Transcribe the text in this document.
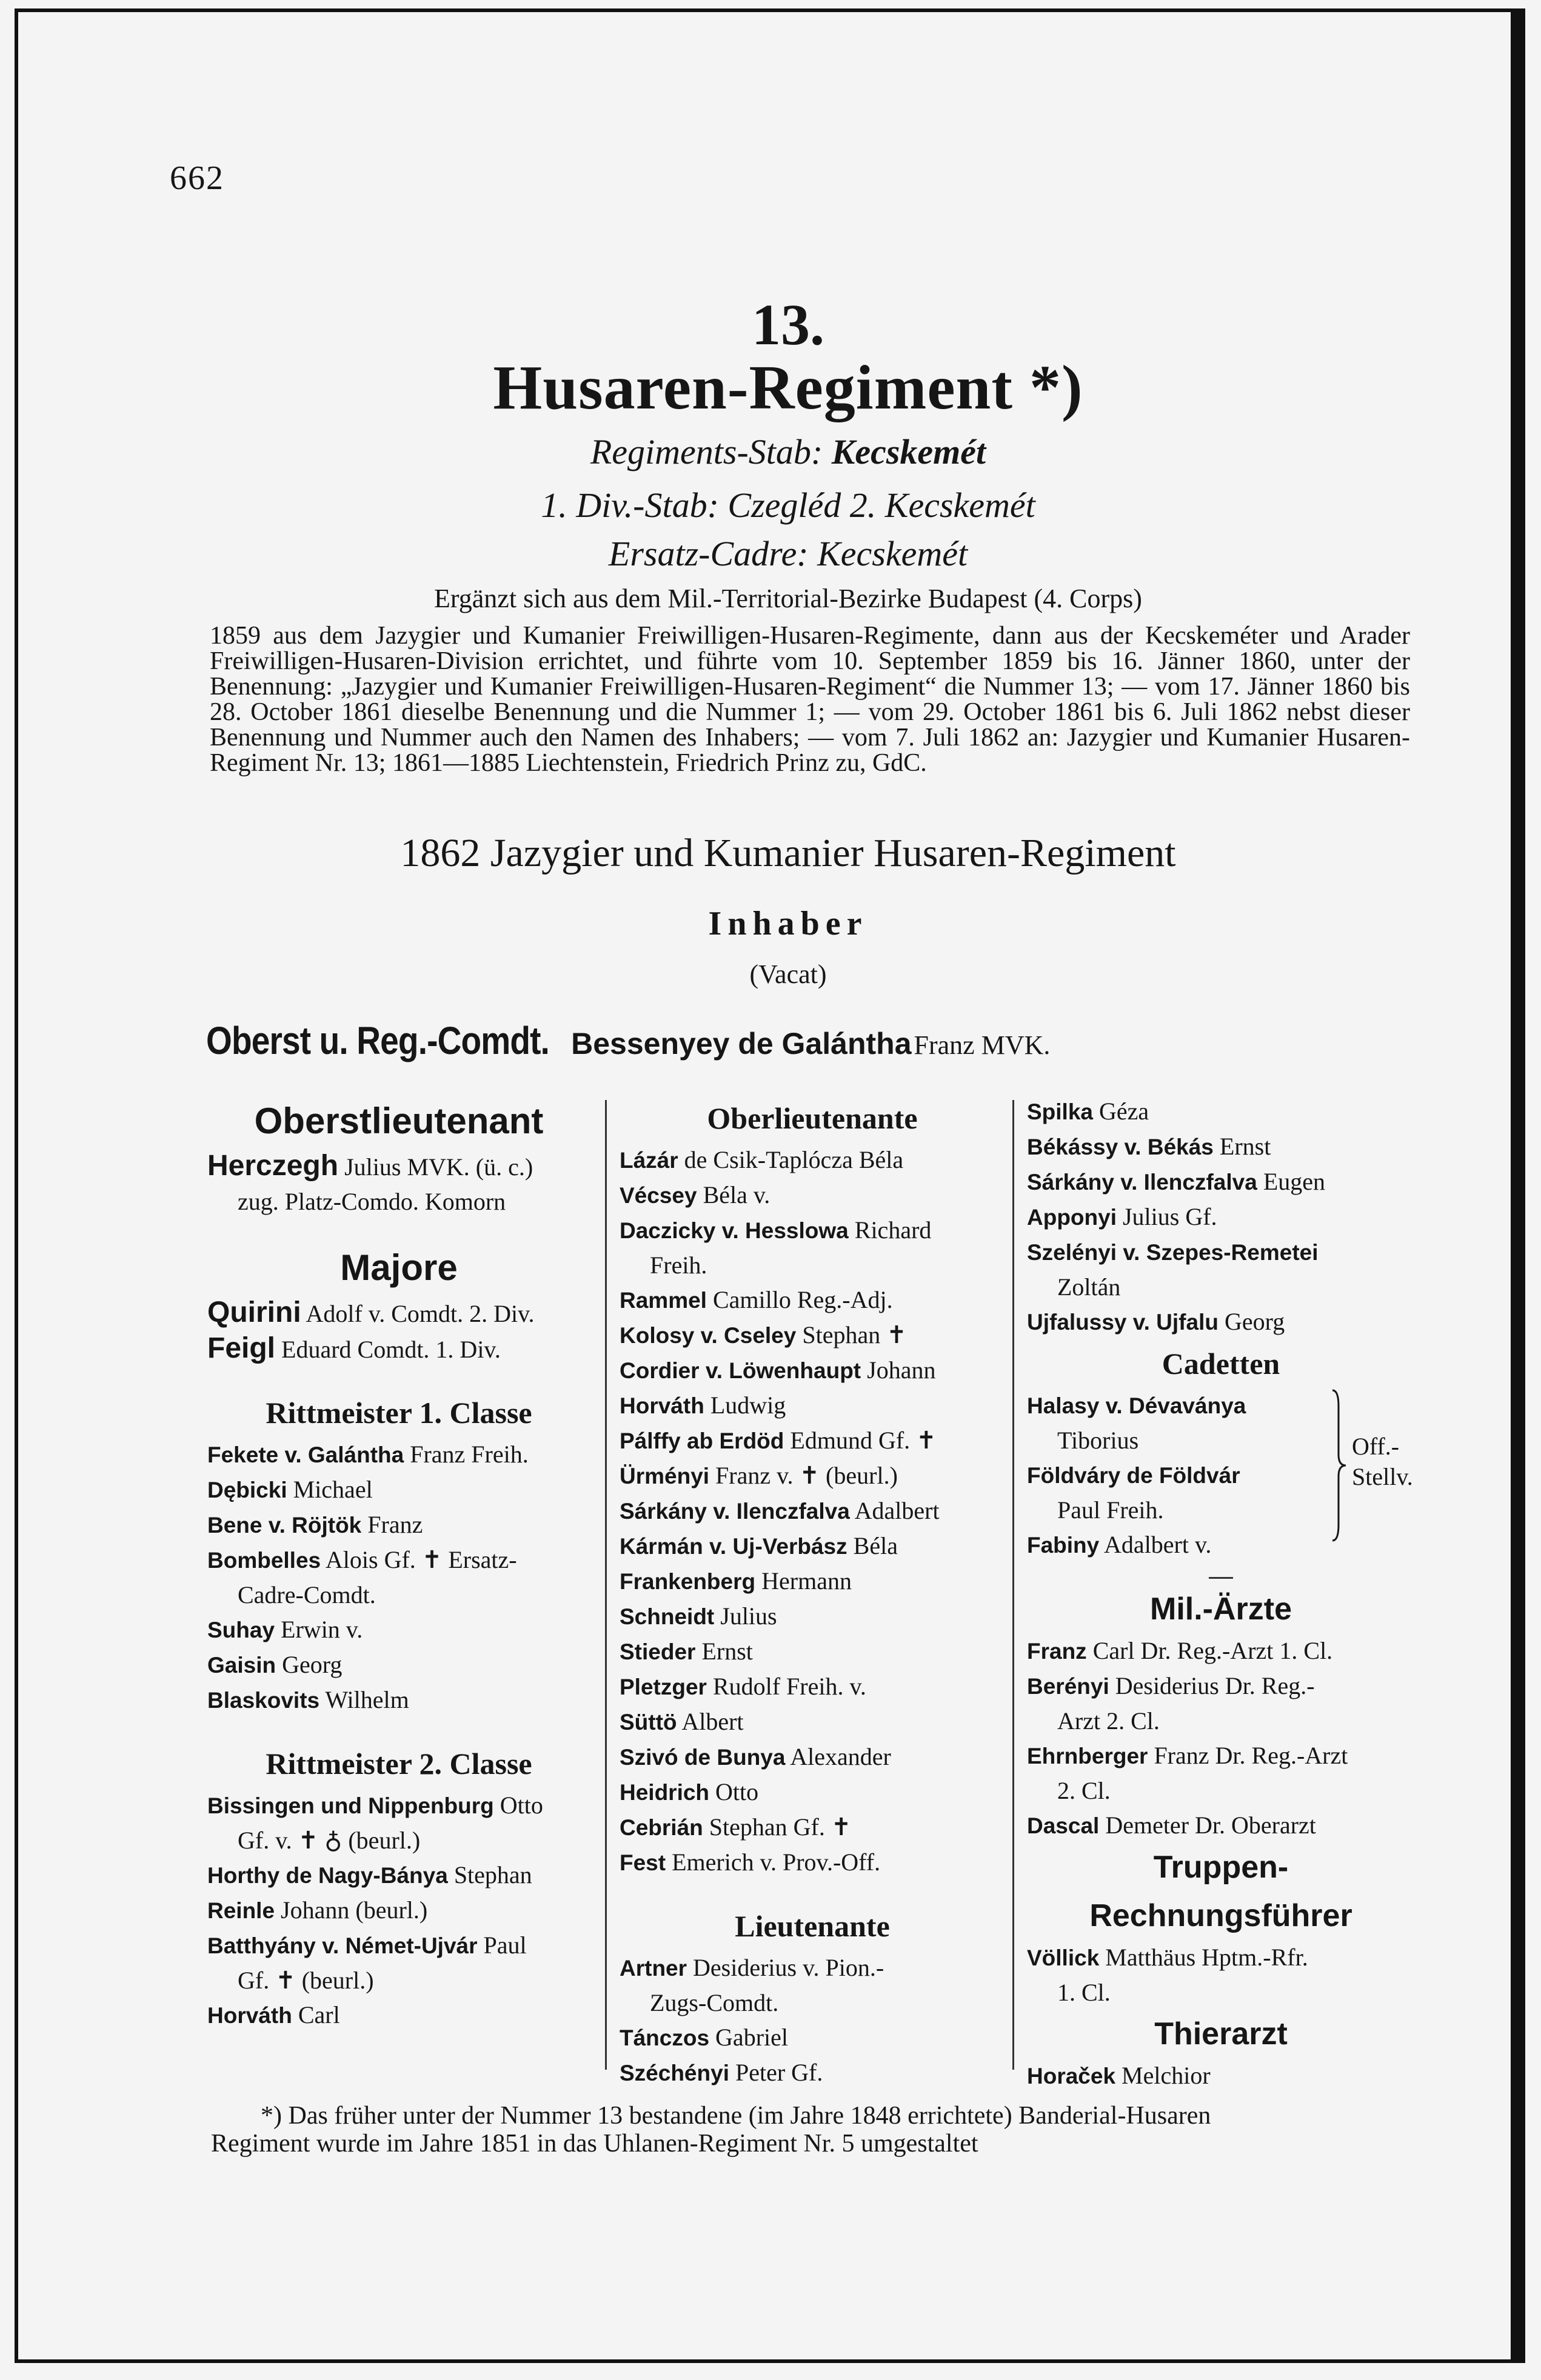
662
13.
Husaren-Regiment *)
Regiments-Stab: Kecskemét
1. Div.-Stab: Czegléd 2. Kecskemét
Ersatz-Cadre: Kecskemét
Ergänzt sich aus dem Mil.-Territorial-Bezirke Budapest (4. Corps)

1859 aus dem Jazygier und Kumanier Freiwilligen-Husaren-Regimente, dann aus der Kecskeméter und Arader Freiwilligen-Husaren-Division errichtet, und führte vom 10. September 1859 bis 16. Jänner 1860, unter der Benennung: „Jazygier und Kumanier Freiwilligen-Husaren-Regiment“ die Nummer 13; — vom 17. Jänner 1860 bis 28. October 1861 dieselbe Benennung und die Nummer 1; — vom 29. October 1861 bis 6. Juli 1862 nebst dieser Benennung und Nummer auch den Namen des Inhabers; — vom 7. Juli 1862 an: Jazygier und Kumanier Husaren-Regiment Nr. 13; 1861—1885 Liechtenstein, Friedrich Prinz zu, GdC.

1862 Jazygier und Kumanier Husaren-Regiment
Inhaber
(Vacat)
Oberst u. Reg.-Comdt. Bessenyey de Galántha Franz MVK.
Oberstlieutenant
Herczegh Julius MVK. (ü. c.)
zug. Platz-Comdo. Komorn
Majore
Quirini Adolf v. Comdt. 2. Div.
Feigl Eduard Comdt. 1. Div.
Rittmeister 1. Classe
Fekete v. Galántha Franz Freih.
Dębicki Michael
Bene v. Röjtök Franz
Bombelles Alois Gf. ✝ Ersatz-
Cadre-Comdt.
Suhay Erwin v.
Gaisin Georg
Blaskovits Wilhelm
Rittmeister 2. Classe
Bissingen und Nippenburg Otto
Gf. v. ✝ ♁ (beurl.)
Horthy de Nagy-Bánya Stephan
Reinle Johann (beurl.)
Batthyány v. Német-Ujvár Paul
Gf. ✝ (beurl.)
Horváth Carl
Oberlieutenante
Lázár de Csik-Taplócza Béla
Vécsey Béla v.
Daczicky v. Hesslowa Richard
Freih.
Rammel Camillo Reg.-Adj.
Kolosy v. Cseley Stephan ✝
Cordier v. Löwenhaupt Johann
Horváth Ludwig
Pálffy ab Erdöd Edmund Gf. ✝
Ürményi Franz v. ✝ (beurl.)
Sárkány v. Ilenczfalva Adalbert
Kármán v. Uj-Verbász Béla
Frankenberg Hermann
Schneidt Julius
Stieder Ernst
Pletzger Rudolf Freih. v.
Süttö Albert
Szivó de Bunya Alexander
Heidrich Otto
Cebrián Stephan Gf. ✝
Fest Emerich v. Prov.-Off.
Lieutenante
Artner Desiderius v. Pion.-
Zugs-Comdt.
Tánczos Gabriel
Széchényi Peter Gf.
Spilka Géza
Békássy v. Békás Ernst
Sárkány v. Ilenczfalva Eugen
Apponyi Julius Gf.
Szelényi v. Szepes-Remetei
Zoltán
Ujfalussy v. Ujfalu Georg
Cadetten
Halasy v. Dévaványa
Tiborius
Földváry de Földvár
Paul Freih.
Fabiny Adalbert v.
Off.-Stellv.
Mil.-Ärzte
Franz Carl Dr. Reg.-Arzt 1. Cl.
Berényi Desiderius Dr. Reg.-
Arzt 2. Cl.
Ehrnberger Franz Dr. Reg.-Arzt
2. Cl.
Dascal Demeter Dr. Oberarzt
Truppen-Rechnungsführer
Völlick Matthäus Hptm.-Rfr.
1. Cl.
Thierarzt
Horaček Melchior
*) Das früher unter der Nummer 13 bestandene (im Jahre 1848 errichtete) Banderial-Husaren
Regiment wurde im Jahre 1851 in das Uhlanen-Regiment Nr. 5 umgestaltet
